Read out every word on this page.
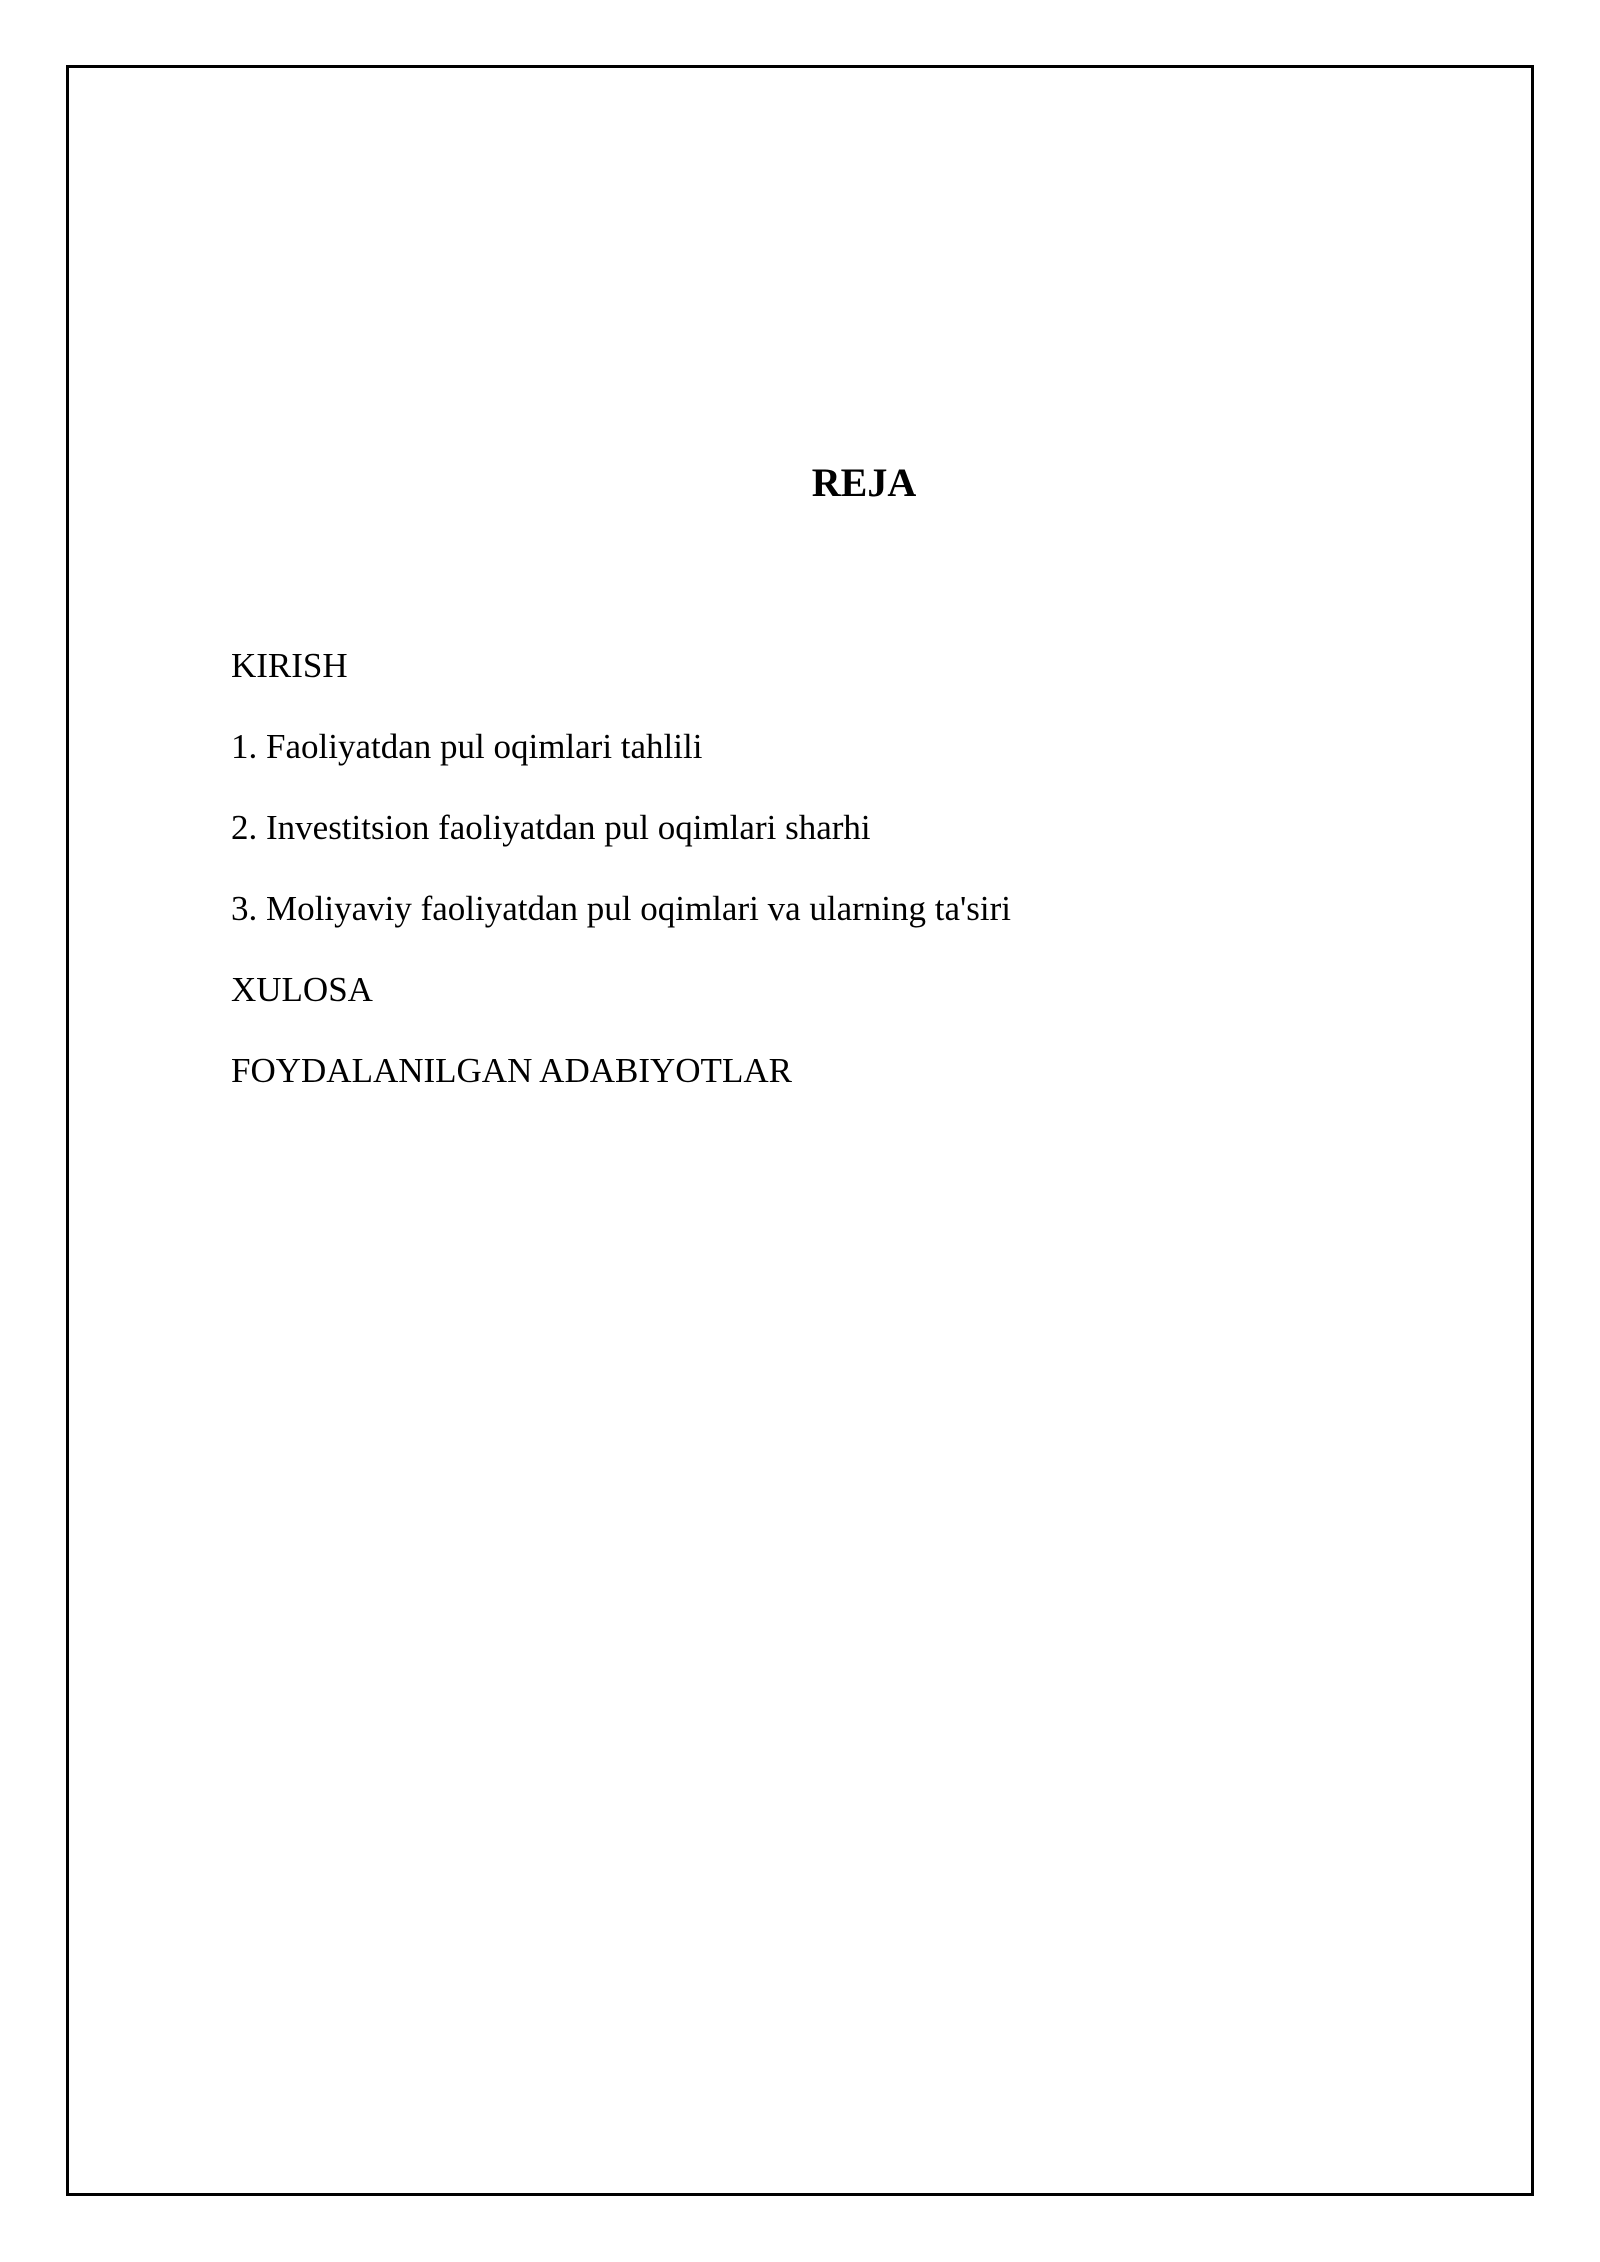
REJA
KIRISH
1. Faoliyatdan pul oqimlari tahlili
2. Investitsion faoliyatdan pul oqimlari sharhi
3. Moliyaviy faoliyatdan pul oqimlari va ularning ta'siri
XULOSA
FOYDALANILGAN ADABIYOTLAR
